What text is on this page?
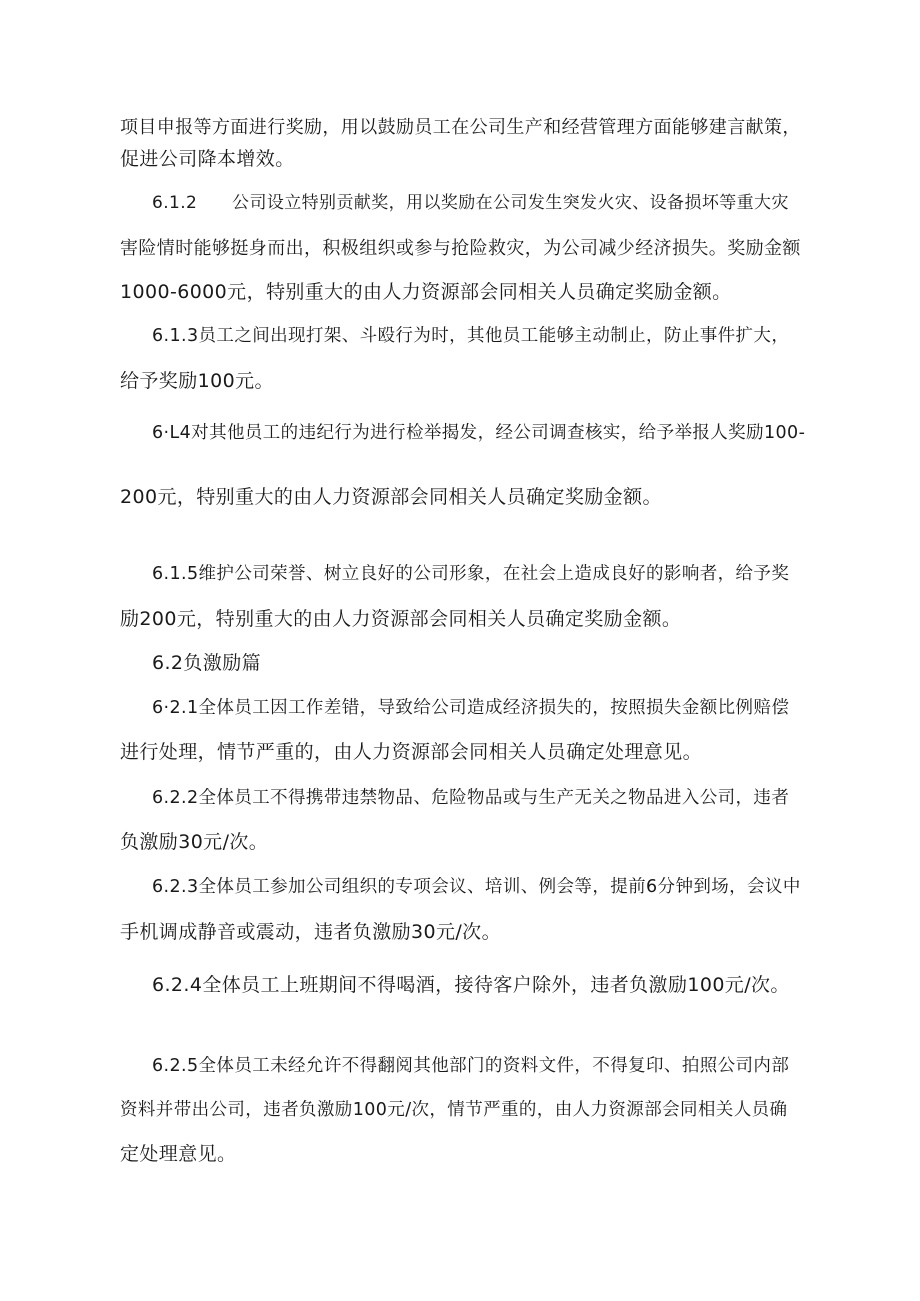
项目申报等方面进行奖励，用以鼓励员工在公司生产和经营管理方面能够建言献策，
促进公司降本增效。
6.1.2　　公司设立特别贡献奖，用以奖励在公司发生突发火灾、设备损坏等重大灾
害险情时能够挺身而出，积极组织或参与抢险救灾，为公司减少经济损失。奖励金额
1000-6000元，特别重大的由人力资源部会同相关人员确定奖励金额。
6.1.3员工之间出现打架、斗殴行为时，其他员工能够主动制止，防止事件扩大，
给予奖励100元。
6·L4对其他员工的违纪行为进行检举揭发，经公司调查核实，给予举报人奖励100-
200元，特别重大的由人力资源部会同相关人员确定奖励金额。
6.1.5维护公司荣誉、树立良好的公司形象，在社会上造成良好的影响者，给予奖
励200元，特别重大的由人力资源部会同相关人员确定奖励金额。
6.2负激励篇
6·2.1全体员工因工作差错，导致给公司造成经济损失的，按照损失金额比例赔偿
进行处理，情节严重的，由人力资源部会同相关人员确定处理意见。
6.2.2全体员工不得携带违禁物品、危险物品或与生产无关之物品进入公司，违者
负激励30元/次。
6.2.3全体员工参加公司组织的专项会议、培训、例会等，提前6分钟到场，会议中
手机调成静音或震动，违者负激励30元/次。
6.2.4全体员工上班期间不得喝酒，接待客户除外，违者负激励100元/次。
6.2.5全体员工未经允许不得翻阅其他部门的资料文件，不得复印、拍照公司内部
资料并带出公司，违者负激励100元/次，情节严重的，由人力资源部会同相关人员确
定处理意见。
